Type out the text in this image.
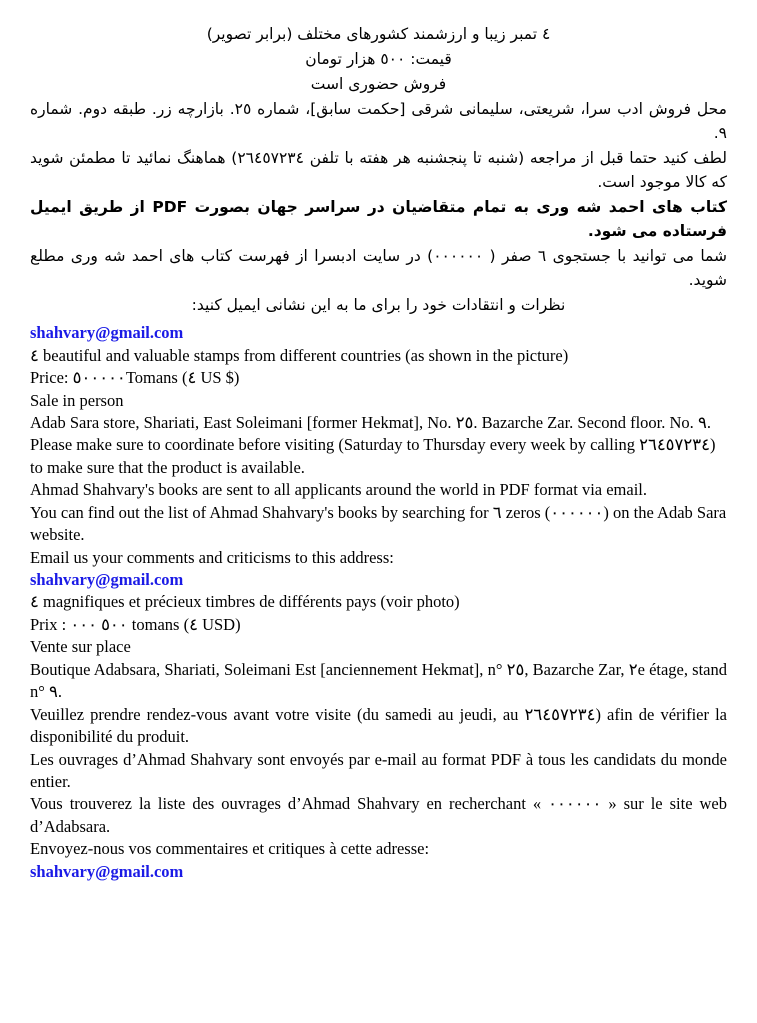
٤ تمبر زیبا و ارزشمند کشورهای مختلف (برابر تصویر)

قیمت: ٥٠٠ هزار تومان

فروش حضوری است

محل فروش ادب سرا، شریعتی، سلیمانی شرقی [حکمت سابق]، شماره ٢٥. بازارچه زر. طبقه دوم. شماره ٩.

لطف کنید حتما قبل از مراجعه (شنبه تا پنجشنبه هر هفته با تلفن ٢٦٤٥٧٢٣٤) هماهنگ نمائید تا مطمئن شوید که کالا موجود است.

کتاب های احمد شه وری به تمام متقاضیان در سراسر جهان بصورت PDF از طریق ایمیل فرستاده می شود.

شما می توانید با جستجوی ٦ صفر ( ٠٠٠٠٠٠) در سایت ادبسرا از فهرست کتاب های احمد شه وری مطلع شوید.

نظرات و انتقادات خود را برای ما به این نشانی ایمیل کنید:

shahvary@gmail.com

٤ beautiful and valuable stamps from different countries (as shown in the picture)

Price: ٥٠٠٠٠٠Tomans (٤ US $)

Sale in person

Adab Sara store, Shariati, East Soleimani [former Hekmat], No. ٢٥. Bazarche Zar. Second floor. No. ٩.

Please make sure to coordinate before visiting (Saturday to Thursday every week by calling ٢٦٤٥٧٢٣٤) to make sure that the product is available.

Ahmad Shahvary's books are sent to all applicants around the world in PDF format via email.

You can find out the list of Ahmad Shahvary's books by searching for ٦ zeros (٠٠٠٠٠٠) on the Adab Sara website.

Email us your comments and criticisms to this address:

shahvary@gmail.com

٤ magnifiques et précieux timbres de différents pays (voir photo)

Prix : ٥٠٠ ٠٠٠ tomans (٤ USD)

Vente sur place

Boutique Adabsara, Shariati, Soleimani Est [anciennement Hekmat], n° ٢٥, Bazarche Zar, ٢e étage, stand n° ٩.

Veuillez prendre rendez-vous avant votre visite (du samedi au jeudi, au ٢٦٤٥٧٢٣٤) afin de vérifier la disponibilité du produit.

Les ouvrages d’Ahmad Shahvary sont envoyés par e-mail au format PDF à tous les candidats du monde entier.

Vous trouverez la liste des ouvrages d’Ahmad Shahvary en recherchant « ٠٠٠٠٠٠ » sur le site web d’Adabsara.

Envoyez-nous vos commentaires et critiques à cette adresse:

shahvary@gmail.com
